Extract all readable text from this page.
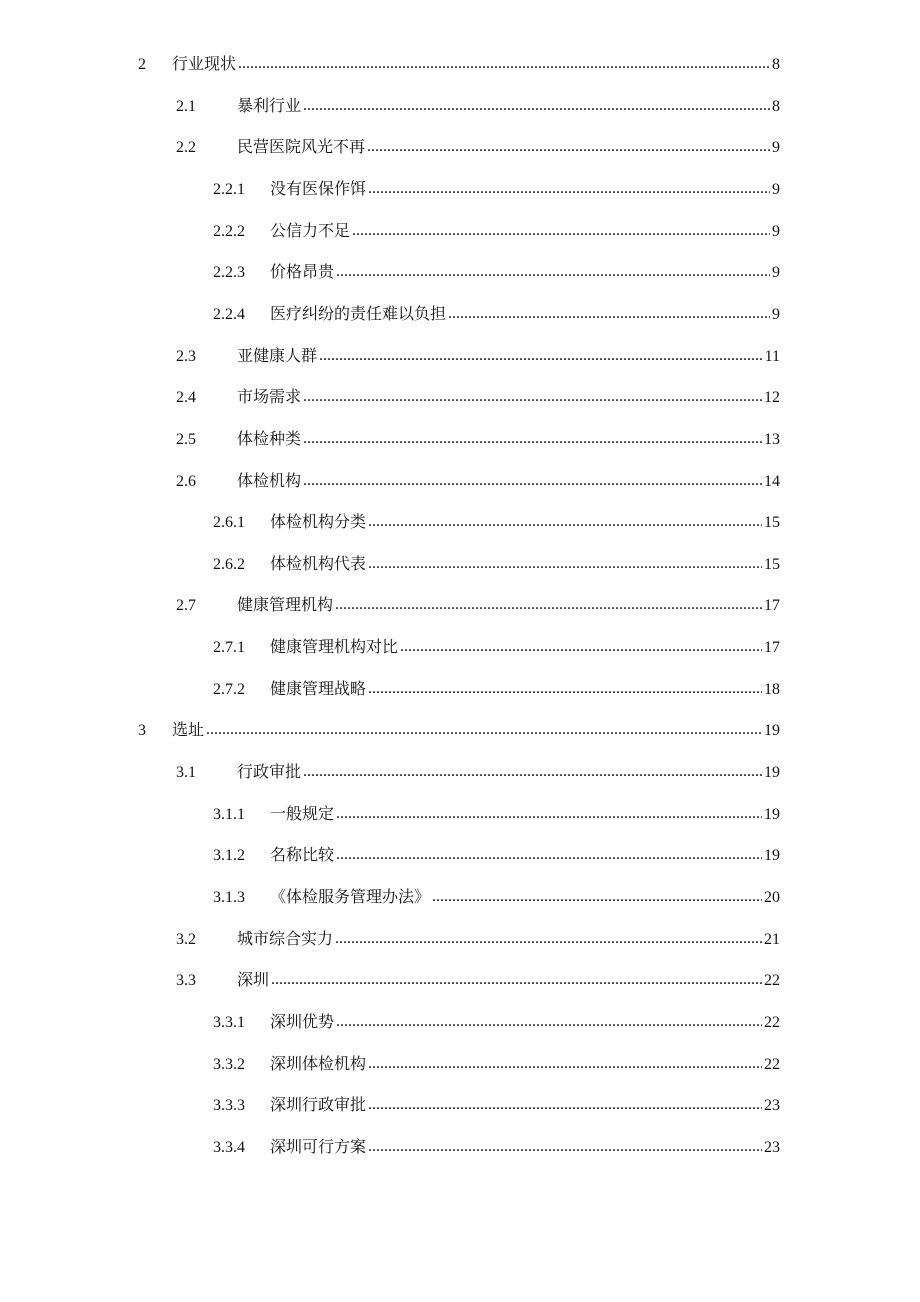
2	行业现状 .....	8
2.1	暴利行业 .....	8
2.2	民营医院风光不再 .....	9
2.2.1	没有医保作饵 .....	9
2.2.2	公信力不足 .....	9
2.2.3	价格昂贵 .....	9
2.2.4	医疗纠纷的责任难以负担 .....	9
2.3	亚健康人群 .....	11
2.4	市场需求 .....	12
2.5	体检种类 .....	13
2.6	体检机构 .....	14
2.6.1	体检机构分类 .....	15
2.6.2	体检机构代表 .....	15
2.7	健康管理机构 .....	17
2.7.1	健康管理机构对比 .....	17
2.7.2	健康管理战略 .....	18
3	选址 .....	19
3.1	行政审批 .....	19
3.1.1	一般规定 .....	19
3.1.2	名称比较 .....	19
3.1.3	《体检服务管理办法》 .....	20
3.2	城市综合实力 .....	21
3.3	深圳 .....	22
3.3.1	深圳优势 .....	22
3.3.2	深圳体检机构 .....	22
3.3.3	深圳行政审批 .....	23
3.3.4	深圳可行方案 .....	23
